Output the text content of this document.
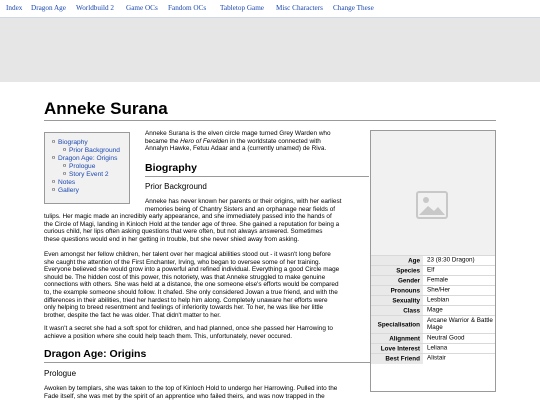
Index Dragon Age Worldbuild 2 Game OCs Fandom OCs Tabletop Game Misc Characters Change These
Anneke Surana
o Biography
o Prior Background
o Dragon Age: Origins
o Prologue
o Story Event 2
o Notes
o Gallery
Anneke Surana is the elven circle mage turned Grey Warden who
became the Hero of Ferelden in the worldstate connected with
Annalyn Hawke, Fetuu Adaar and a (currently unamed) de Riva.
Biography
Prior Background
Anneke has never known her parents or their origins, with her earliest
memories being of Chantry Sisters and an orphanage near fields of
tulips. Her magic made an incredibly early appearance, and she immediately passed into the hands of
the Circle of Magi, landing in Kinloch Hold at the tender age of three. She gained a reputation for being a
curious child, her lips often asking questions that were often, but not always answered. Sometimes
these questions would end in her getting in trouble, but she never shied away from asking.
Even amongst her fellow children, her talent over her magical abilities stood out - it wasn't long before
she caught the attention of the First Enchanter, Irving, who began to oversee some of her training.
Everyone believed she would grow into a powerful and refined individual. Everything a good Circle mage
should be. The hidden cost of this power, this notoriety, was that Anneke struggled to make genuine
connections with others. She was held at a distance, the one someone else's efforts would be compared
to, the example someone should follow. It chafed. She only considered Jowan a true friend, and with the
differences in their abilities, tried her hardest to help him along. Completely unaware her efforts were
only helping to breed resentment and feelings of inferiority towards her. To her, he was like her little
brother, despite the fact he was older. That didn't matter to her.
It wasn't a secret she had a soft spot for children, and had planned, once she passed her Harrowing to
achieve a position where she could help teach them. This, unfortunately, never occured.
Dragon Age: Origins
Prologue
Awoken by templars, she was taken to the top of Kinloch Hold to undergo her Harrowing. Pulled into the
Fade itself, she was met by the spirit of an apprentice who failed theirs, and was now trapped in the
Age 23 (8:30 Dragon)
Species Elf
Gender Female
Pronouns She/Her
Sexuality Lesbian
Class Mage
Specialisation
Arcane Warrior & Battle Mage
Alignment Neutral Good
Love Interest Leliana
Best Friend Alistair
